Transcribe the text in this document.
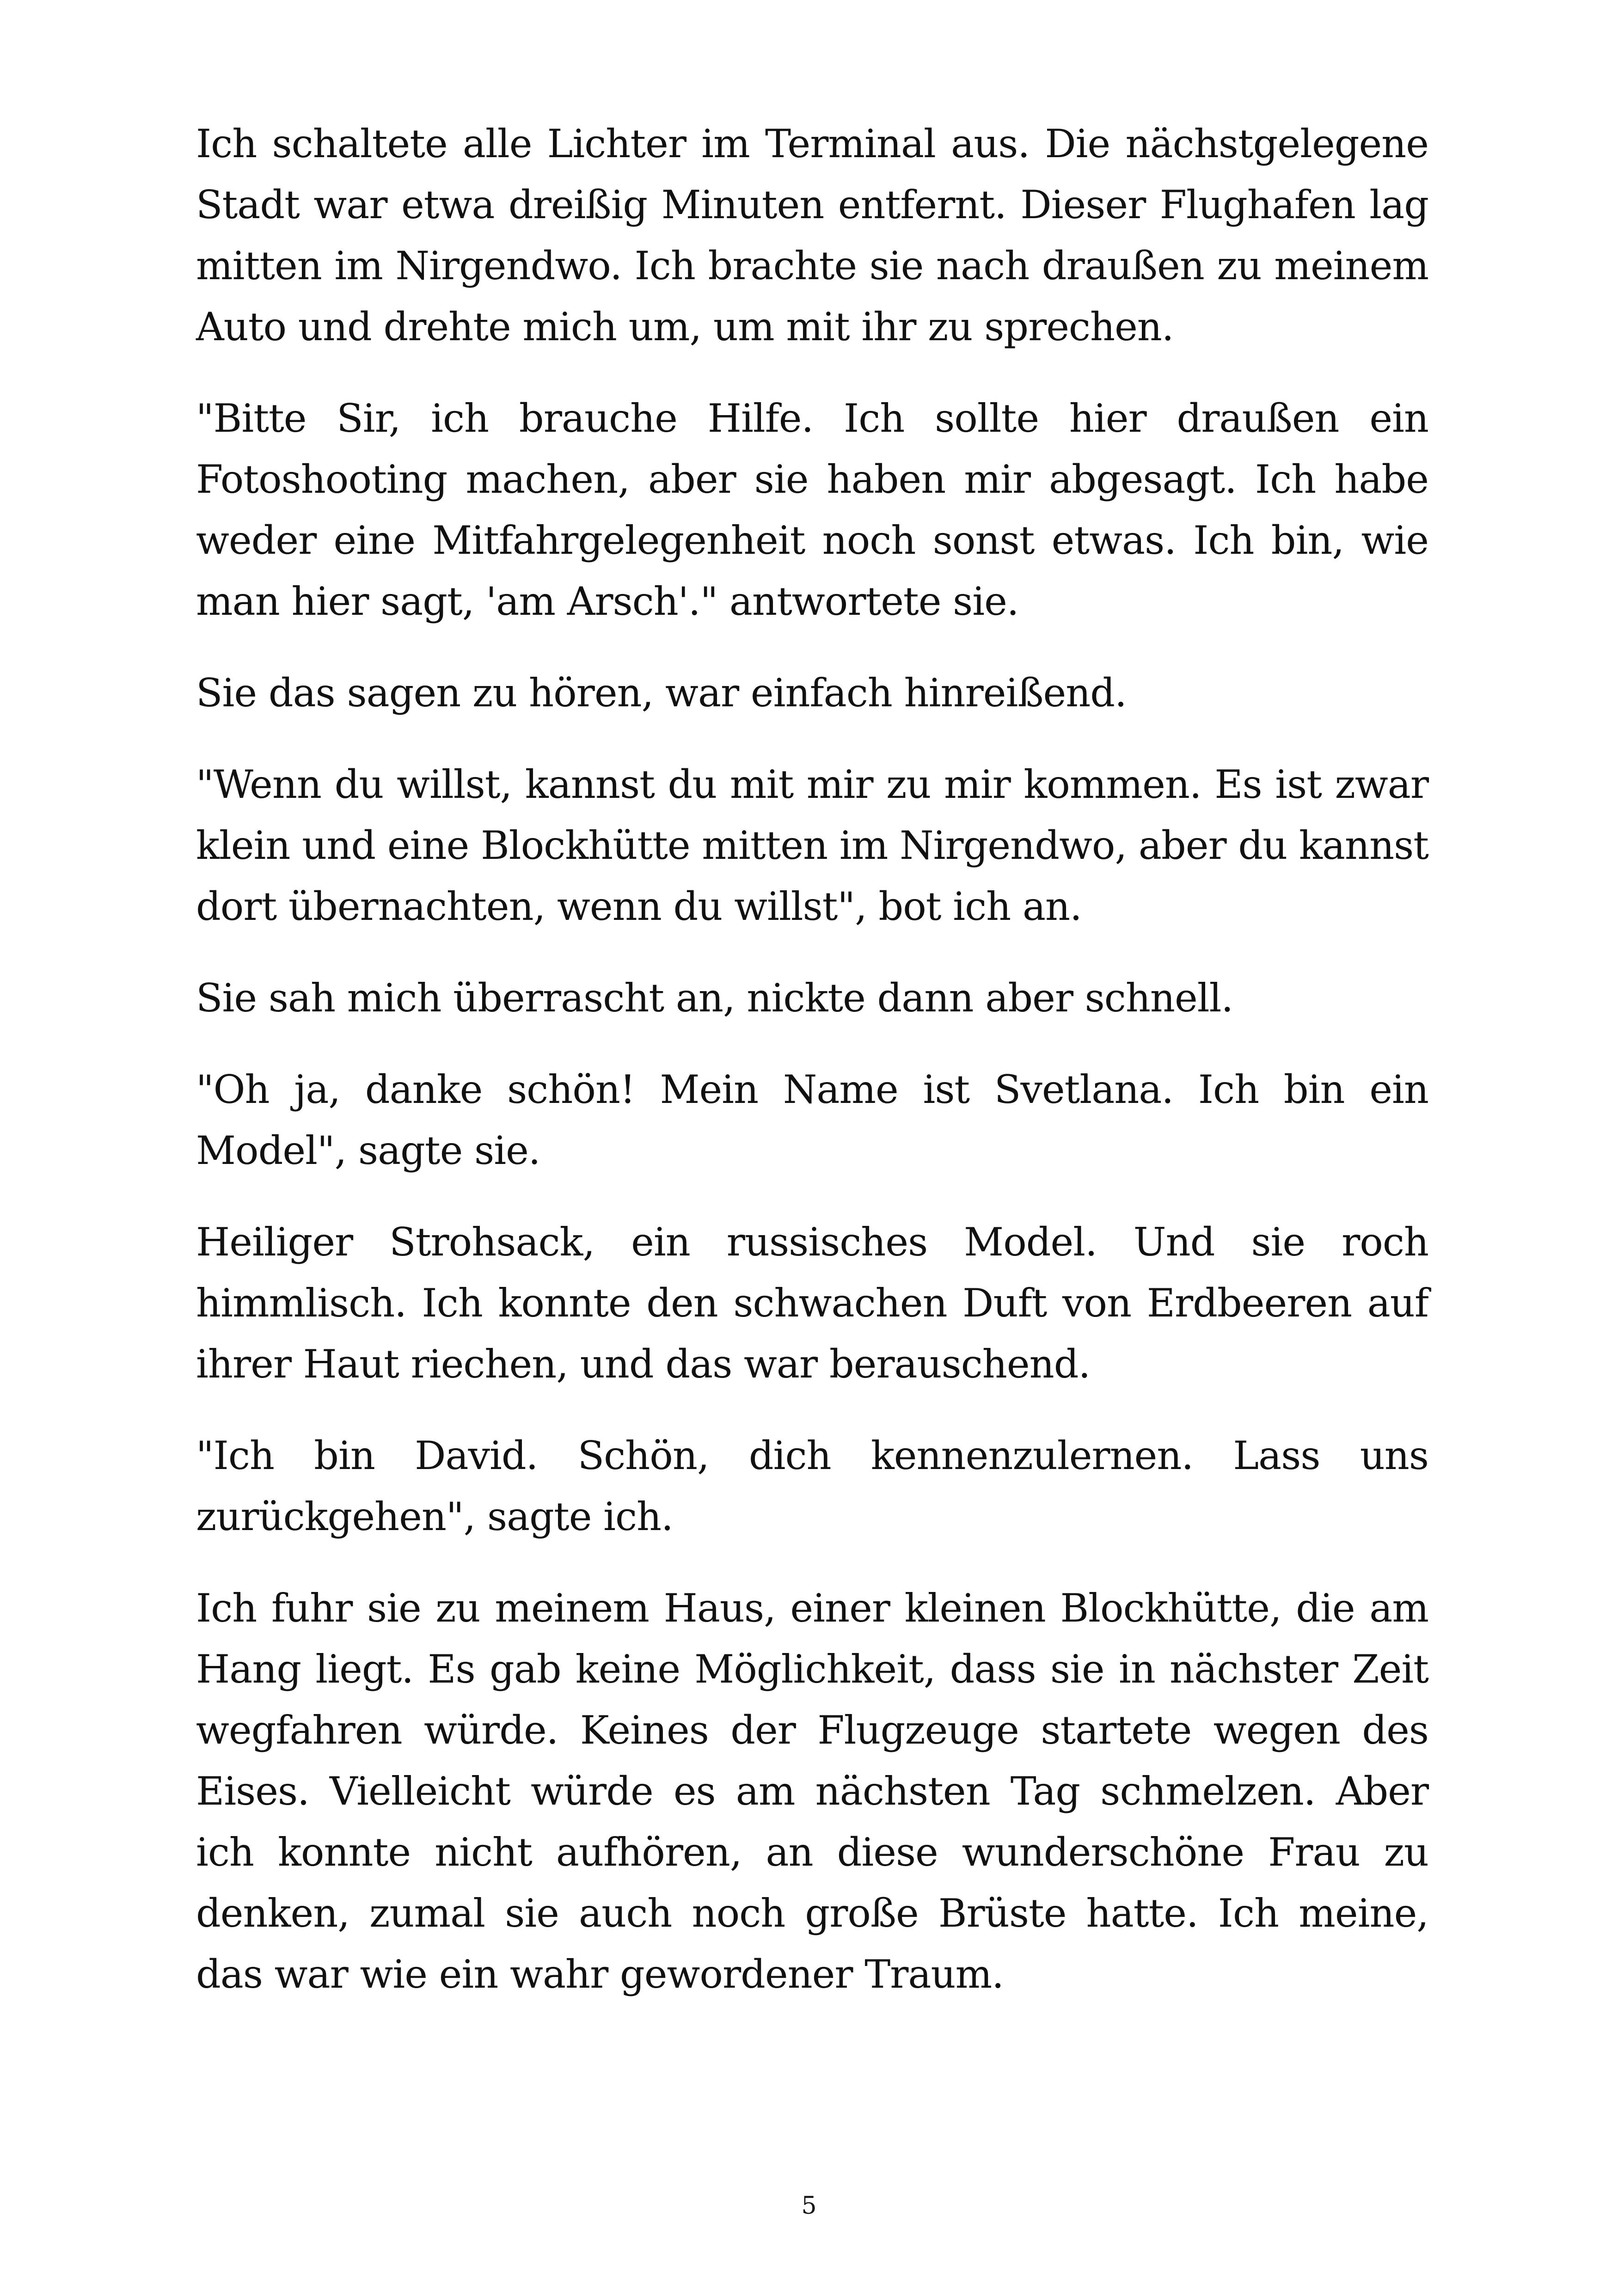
Ich schaltete alle Lichter im Terminal aus. Die nächstgelegene Stadt war etwa dreißig Minuten entfernt. Dieser Flughafen lag mitten im Nirgendwo. Ich brachte sie nach draußen zu meinem Auto und drehte mich um, um mit ihr zu sprechen.

"Bitte Sir, ich brauche Hilfe. Ich sollte hier draußen ein Fotoshooting machen, aber sie haben mir abgesagt. Ich habe weder eine Mitfahrgelegenheit noch sonst etwas. Ich bin, wie man hier sagt, 'am Arsch'." antwortete sie.

Sie das sagen zu hören, war einfach hinreißend.

"Wenn du willst, kannst du mit mir zu mir kommen. Es ist zwar klein und eine Blockhütte mitten im Nirgendwo, aber du kannst dort übernachten, wenn du willst", bot ich an.

Sie sah mich überrascht an, nickte dann aber schnell.

"Oh ja, danke schön! Mein Name ist Svetlana. Ich bin ein Model", sagte sie.

Heiliger Strohsack, ein russisches Model. Und sie roch himmlisch. Ich konnte den schwachen Duft von Erdbeeren auf ihrer Haut riechen, und das war berauschend.

"Ich bin David. Schön, dich kennenzulernen. Lass uns zurückgehen", sagte ich.

Ich fuhr sie zu meinem Haus, einer kleinen Blockhütte, die am Hang liegt. Es gab keine Möglichkeit, dass sie in nächster Zeit wegfahren würde. Keines der Flugzeuge startete wegen des Eises. Vielleicht würde es am nächsten Tag schmelzen. Aber ich konnte nicht aufhören, an diese wunderschöne Frau zu denken, zumal sie auch noch große Brüste hatte. Ich meine, das war wie ein wahr gewordener Traum.

5
